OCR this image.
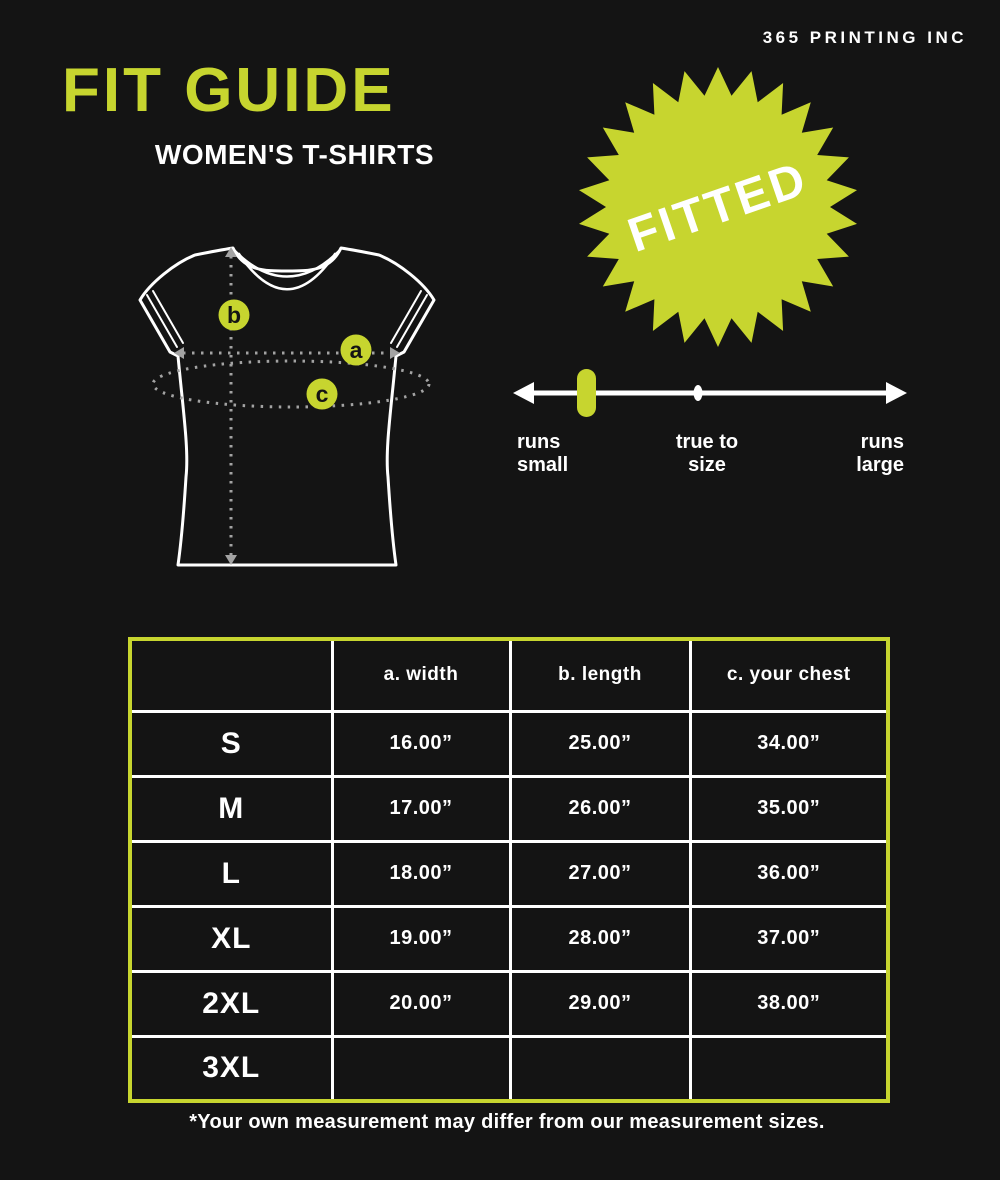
365 PRINTING INC
FIT GUIDE
WOMEN'S T-SHIRTS	FITTED
b
a
c
runs
small
true to
size
runs
large
	a. width	b. length	c. your chest
S	16.00”	25.00”	34.00”
M	17.00”	26.00”	35.00”
L	18.00”	27.00”	36.00”
XL	19.00”	28.00”	37.00”
2XL	20.00”	29.00”	38.00”
3XL			
*Your own measurement may differ from our measurement sizes.
